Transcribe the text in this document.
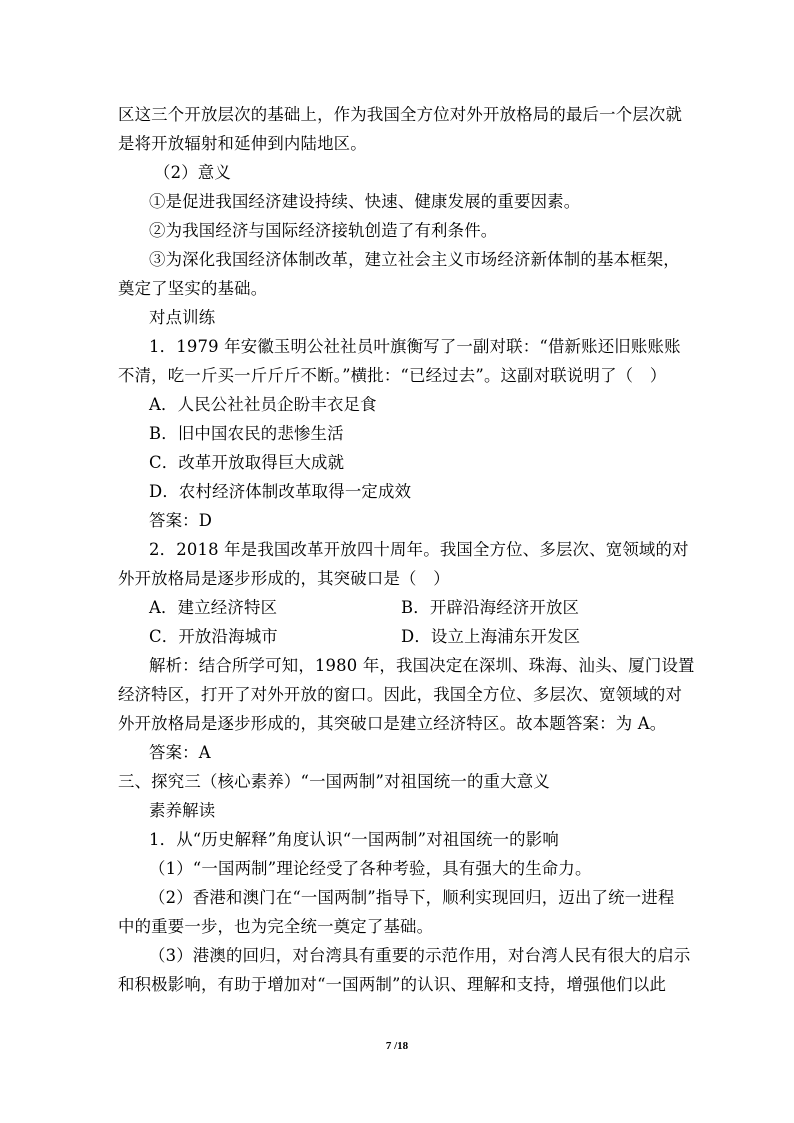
区这三个开放层次的基础上，作为我国全方位对外开放格局的最后一个层次就
是将开放辐射和延伸到内陆地区。
（2）意义
①是促进我国经济建设持续、快速、健康发展的重要因素。
②为我国经济与国际经济接轨创造了有利条件。
③为深化我国经济体制改革，建立社会主义市场经济新体制的基本框架，
奠定了坚实的基础。
对点训练
1．1979 年安徽玉明公社社员叶旗衡写了一副对联：“借新账还旧账账账
不清，吃一斤买一斤斤斤不断。”横批：“已经过去”。这副对联说明了（　）
A．人民公社社员企盼丰衣足食
B．旧中国农民的悲惨生活
C．改革开放取得巨大成就
D．农村经济体制改革取得一定成效
答案：D
2．2018 年是我国改革开放四十周年。我国全方位、多层次、宽领域的对
外开放格局是逐步形成的，其突破口是（　）
A．建立经济特区	B．开辟沿海经济开放区
C．开放沿海城市	D．设立上海浦东开发区
解析：结合所学可知，1980 年，我国决定在深圳、珠海、汕头、厦门设置
经济特区，打开了对外开放的窗口。因此，我国全方位、多层次、宽领域的对
外开放格局是逐步形成的，其突破口是建立经济特区。故本题答案：为 A。
答案：A
三、探究三（核心素养）“一国两制”对祖国统一的重大意义
素养解读
1．从“历史解释”角度认识“一国两制”对祖国统一的影响
（1）“一国两制”理论经受了各种考验，具有强大的生命力。
（2）香港和澳门在“一国两制”指导下，顺利实现回归，迈出了统一进程
中的重要一步，也为完全统一奠定了基础。
（3）港澳的回归，对台湾具有重要的示范作用，对台湾人民有很大的启示
和积极影响，有助于增加对“一国两制”的认识、理解和支持，增强他们以此
7 /18
